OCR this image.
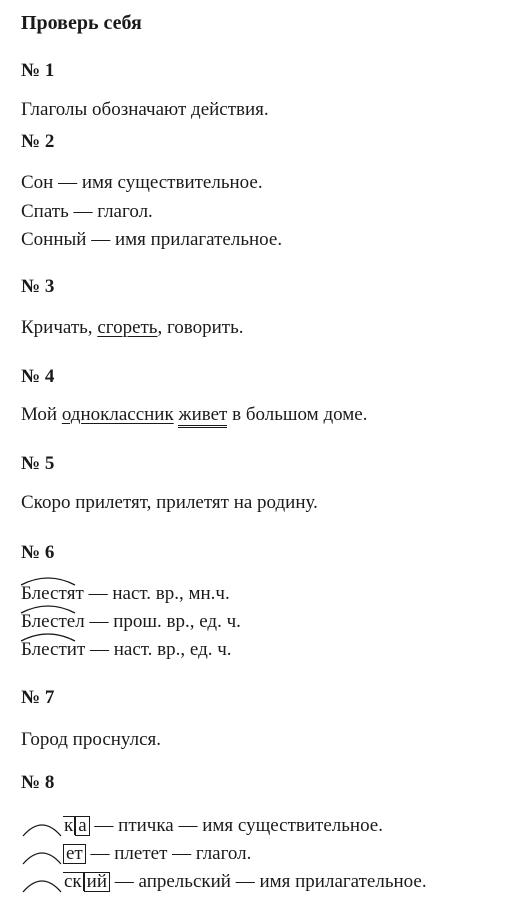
Проверь себя
№ 1
Глаголы обозначают действия.
№ 2
Сон — имя существительное.
Спать — глагол.
Сонный — имя прилагательное.
№ 3
Кричать, сгореть, говорить.
№ 4
Мой одноклассник живет в большом доме.
№ 5
Скоро прилетят, прилетят на родину.
№ 6
Блестят — наст. вр., мн.ч.
Блестел — прош. вр., ед. ч.
Блестит — наст. вр., ед. ч.
№ 7
Город проснулся.
№ 8
к а — птичка — имя существительное.
ет — плетет — глагол.
ск ий — апрельский — имя прилагательное.
